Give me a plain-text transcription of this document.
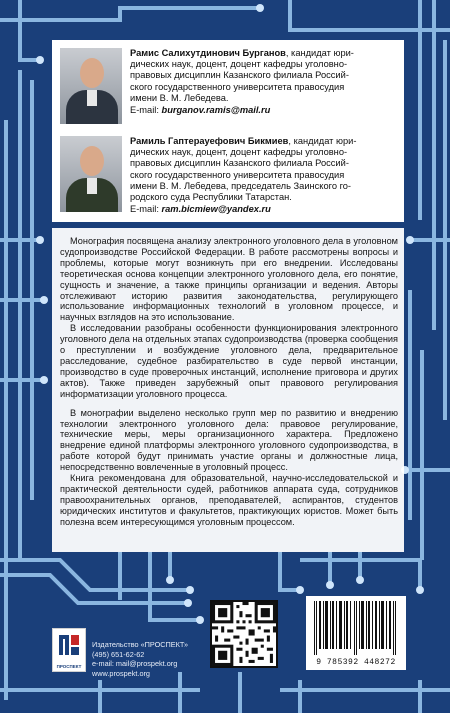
Рамис Салихутдинович Бурганов, кандидат юри-
дических наук, доцент, доцент кафедры уголовно-
правовых дисциплин Казанского филиала Россий-
ского государственного университета правосудия
имени В. М. Лебедева.
E-mail: burganov.ramis@mail.ru
Рамиль Гаптерауефович Бикмиев, кандидат юри-
дических наук, доцент, доцент кафедры уголовно-
правовых дисциплин Казанского филиала Россий-
ского государственного университета правосудия
имени В. М. Лебедева, председатель Заинского го-
родского суда Республики Татарстан.
E-mail: ram.bicmiew@yandex.ru

Монография посвящена анализу электронного уголовного дела в уголовном судопроизводстве Российской Федерации. В работе рассмотрены вопросы и проблемы, которые могут возникнуть при его внедрении. Исследованы теоретическая основа концепции электронного уголовного дела, его понятие, сущность и значение, а также принципы организации и ведения. Авторы отслеживают историю развития законодательства, регулирующего использование информационных технологий в уголовном процессе, и научных взглядов на это использование.

В исследовании разобраны особенности функционирования электронного уголовного дела на отдельных этапах судопроизводства (проверка сообщения о преступлении и возбуждение уголовного дела, предварительное расследование, судебное разбирательство в суде первой инстанции, производство в суде проверочных инстанций, исполнение приговора и других актов). Также приведен зарубежный опыт правового регулирования информатизации уголовного процесса.

В монографии выделено несколько групп мер по развитию и внедрению технологии электронного уголовного дела: правовое регулирование, технические меры, меры организационного характера. Предложено внедрение единой платформы электронного уголовного судопроизводства, в работе которой будут принимать участие органы и должностные лица, непосредственно вовлеченные в уголовный процесс.

Книга рекомендована для образовательной, научно-исследовательской и практической деятельности судей, работников аппарата суда, сотрудников правоохранительных органов, преподавателей, аспирантов, студентов юридических институтов и факультетов, практикующих юристов. Может быть полезна всем интересующимся уголовным процессом.

9 785392 448272
ПРОСПЕКТ
Издательство «ПРОСПЕКТ»
(495) 651-62-62
e-mail: mail@prospekt.org
www.prospekt.org
